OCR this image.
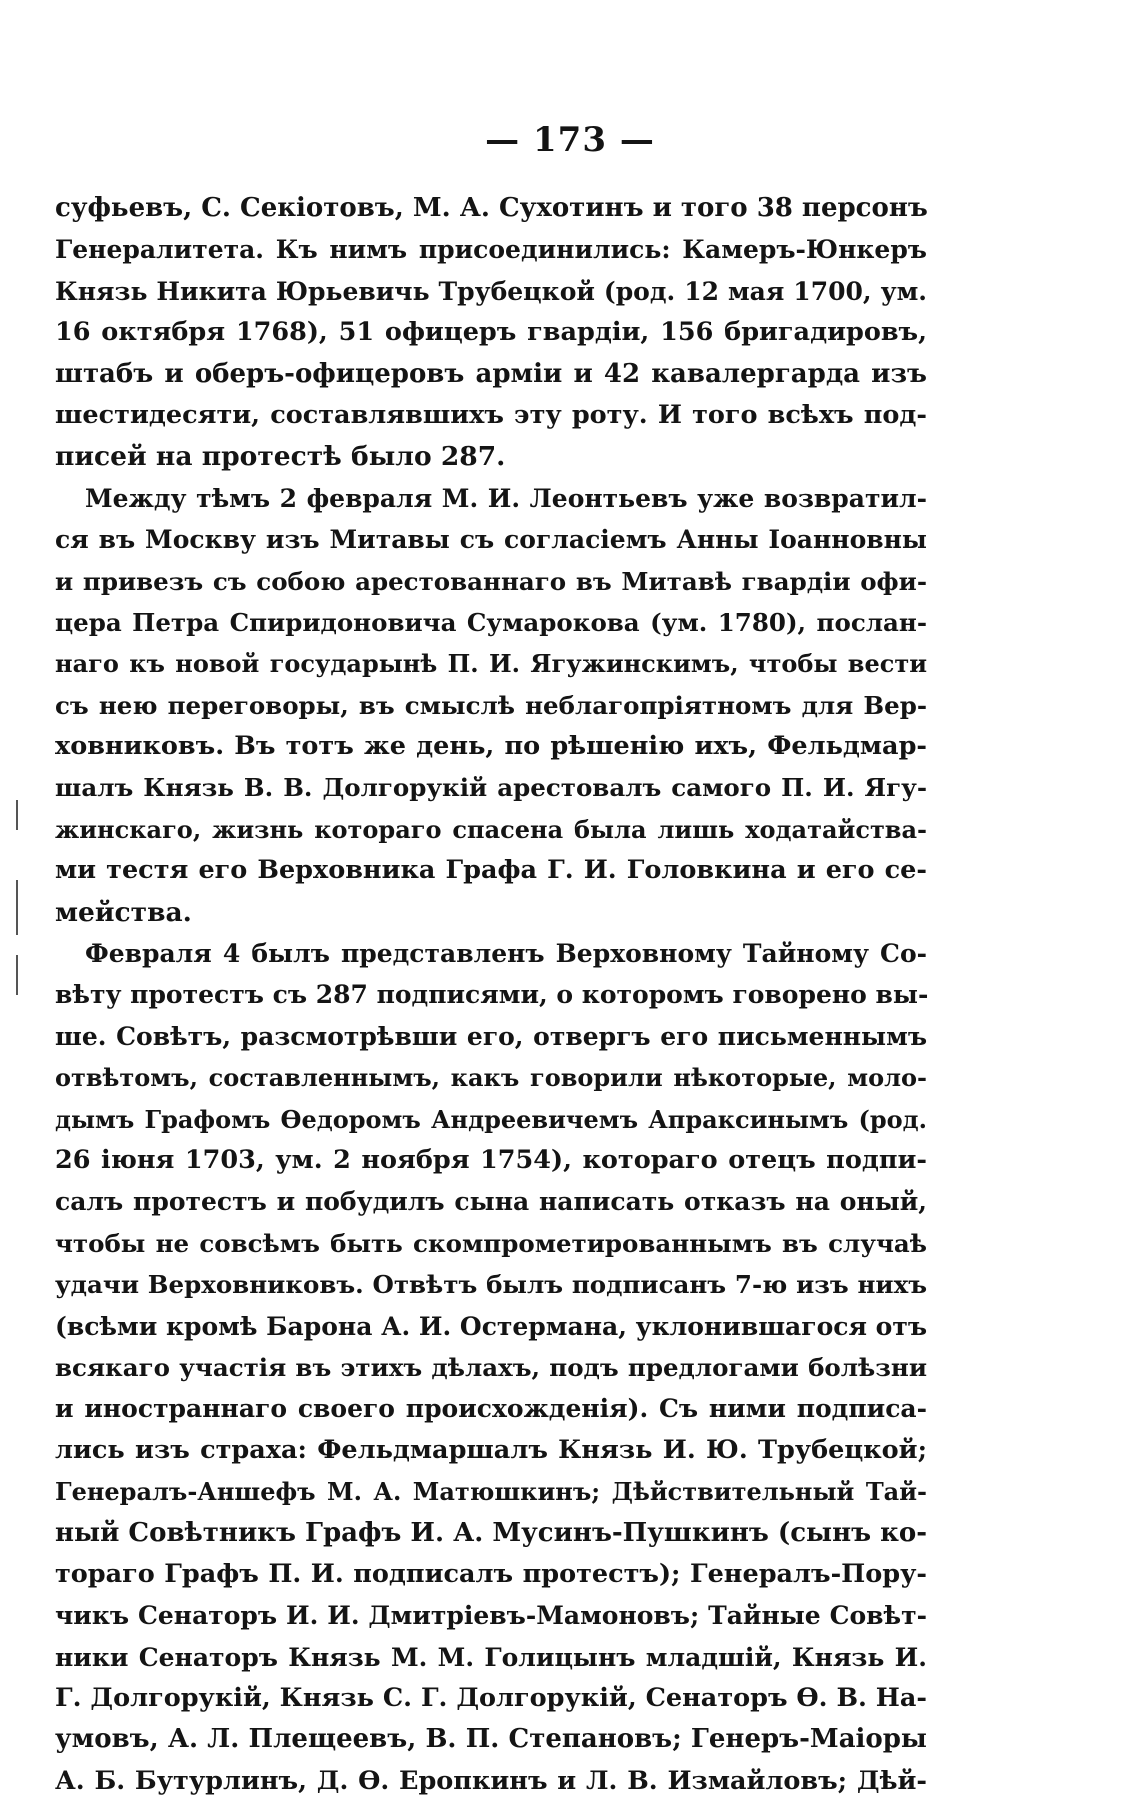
— 173 —
суфьевъ, С. Секіотовъ, М. А. Сухотинъ и того 38 персонъ
Генералитета. Къ нимъ присоединились: Камеръ-Юнкеръ
Князь Никита Юрьевичь Трубецкой (род. 12 мая 1700, ум.
16 октября 1768), 51 офицеръ гвардіи, 156 бригадировъ,
штабъ и оберъ-офицеровъ арміи и 42 кавалергарда изъ
шестидесяти, составлявшихъ эту роту. И того всѣхъ под-
писей на протестѣ было 287.
Между тѣмъ 2 февраля М. И. Леонтьевъ уже возвратил-
ся въ Москву изъ Митавы съ согласіемъ Анны Іоанновны
и привезъ съ собою арестованнаго въ Митавѣ гвардіи офи-
цера Петра Спиридоновича Сумарокова (ум. 1780), послан-
наго къ новой государынѣ П. И. Ягужинскимъ, чтобы вести
съ нею переговоры, въ смыслѣ неблагопріятномъ для Вер-
ховниковъ. Въ тотъ же день, по рѣшенію ихъ, Фельдмар-
шалъ Князь В. В. Долгорукій арестовалъ самого П. И. Ягу-
жинскаго, жизнь котораго спасена была лишь ходатайства-
ми тестя его Верховника Графа Г. И. Головкина и его се-
мейства.
Февраля 4 былъ представленъ Верховному Тайному Со-
вѣту протестъ съ 287 подписями, о которомъ говорено вы-
ше. Совѣтъ, разсмотрѣвши его, отвергъ его письменнымъ
отвѣтомъ, составленнымъ, какъ говорили нѣкоторые, моло-
дымъ Графомъ Ѳедоромъ Андреевичемъ Апраксинымъ (род.
26 іюня 1703, ум. 2 ноября 1754), котораго отецъ подпи-
салъ протестъ и побудилъ сына написать отказъ на оный,
чтобы не совсѣмъ быть скомпрометированнымъ въ случаѣ
удачи Верховниковъ. Отвѣтъ былъ подписанъ 7-ю изъ нихъ
(всѣми кромѣ Барона А. И. Остермана, уклонившагося отъ
всякаго участія въ этихъ дѣлахъ, подъ предлогами болѣзни
и иностраннаго своего происхожденія). Съ ними подписа-
лись изъ страха: Фельдмаршалъ Князь И. Ю. Трубецкой;
Генералъ-Аншефъ М. А. Матюшкинъ; Дѣйствительный Тай-
ный Совѣтникъ Графъ И. А. Мусинъ-Пушкинъ (сынъ ко-
тораго Графъ П. И. подписалъ протестъ); Генералъ-Пору-
чикъ Сенаторъ И. И. Дмитріевъ-Мамоновъ; Тайные Совѣт-
ники Сенаторъ Князь М. М. Голицынъ младшій, Князь И.
Г. Долгорукій, Князь С. Г. Долгорукій, Сенаторъ Ѳ. В. На-
умовъ, А. Л. Плещеевъ, В. П. Степановъ; Генеръ-Маіоры
А. Б. Бутурлинъ, Д. Ѳ. Еропкинъ и Л. В. Измайловъ; Дѣй-
